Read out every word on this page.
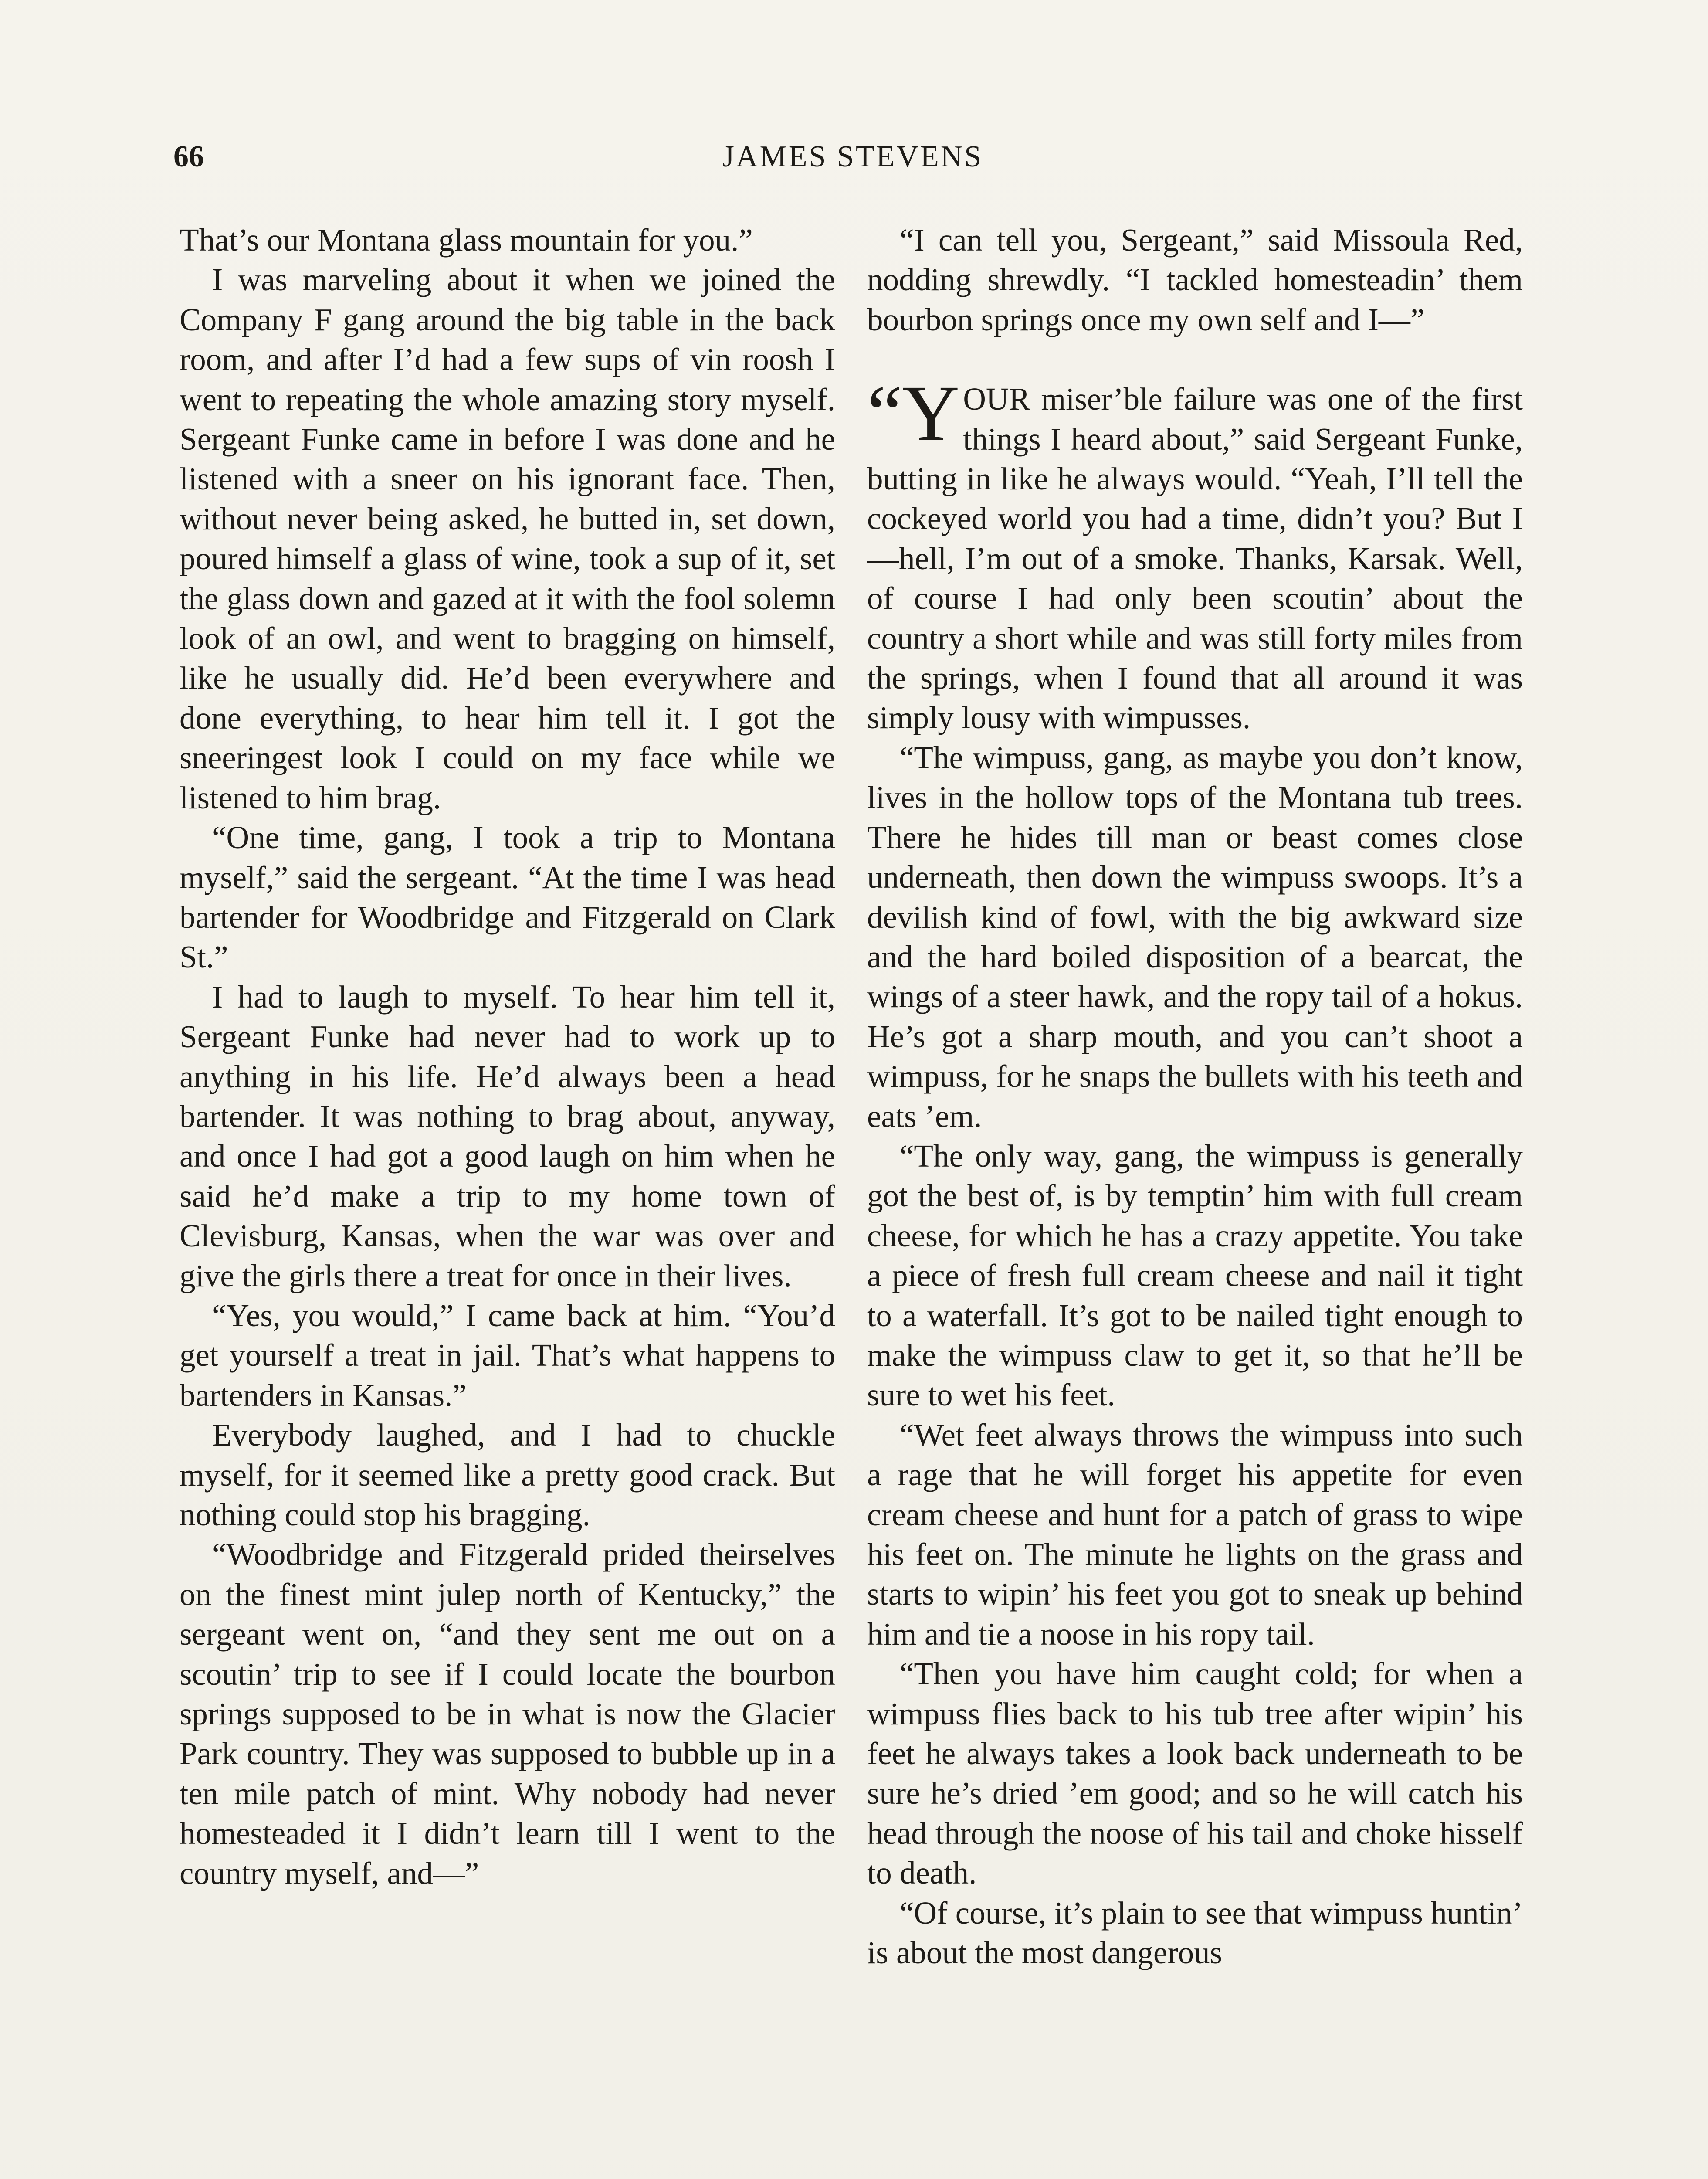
66	JAMES STEVENS

That’s our Montana glass mountain for you.”

I was marveling about it when we joined the Company F gang around the big table in the back room, and after I’d had a few sups of vin roosh I went to repeating the whole amazing story myself. Sergeant Funke came in before I was done and he listened with a sneer on his ignorant face. Then, without never being asked, he butted in, set down, poured himself a glass of wine, took a sup of it, set the glass down and gazed at it with the fool solemn look of an owl, and went to bragging on himself, like he usually did. He’d been everywhere and done everything, to hear him tell it. I got the sneeringest look I could on my face while we listened to him brag.

“One time, gang, I took a trip to Montana myself,” said the sergeant. “At the time I was head bartender for Woodbridge and Fitzgerald on Clark St.”

I had to laugh to myself. To hear him tell it, Sergeant Funke had never had to work up to anything in his life. He’d always been a head bartender. It was nothing to brag about, anyway, and once I had got a good laugh on him when he said he’d make a trip to my home town of Clevisburg, Kansas, when the war was over and give the girls there a treat for once in their lives.

“Yes, you would,” I came back at him. “You’d get yourself a treat in jail. That’s what happens to bartenders in Kansas.”

Everybody laughed, and I had to chuckle myself, for it seemed like a pretty good crack. But nothing could stop his bragging.

“Woodbridge and Fitzgerald prided theirselves on the finest mint julep north of Kentucky,” the sergeant went on, “and they sent me out on a scoutin’ trip to see if I could locate the bourbon springs supposed to be in what is now the Glacier Park country. They was supposed to bubble up in a ten mile patch of mint. Why nobody had never homesteaded it I didn’t learn till I went to the country myself, and—”

“I can tell you, Sergeant,” said Missoula Red, nodding shrewdly. “I tackled homesteadin’ them bourbon springs once my own self and I—”

“Y OUR miser’ble failure was one of the first things I heard about,” said Sergeant Funke, butting in like he always would. “Yeah, I’ll tell the cockeyed world you had a time, didn’t you? But I—hell, I’m out of a smoke. Thanks, Karsak. Well, of course I had only been scoutin’ about the country a short while and was still forty miles from the springs, when I found that all around it was simply lousy with wimpusses.

“The wimpuss, gang, as maybe you don’t know, lives in the hollow tops of the Montana tub trees. There he hides till man or beast comes close underneath, then down the wimpuss swoops. It’s a devilish kind of fowl, with the big awkward size and the hard boiled disposition of a bearcat, the wings of a steer hawk, and the ropy tail of a hokus. He’s got a sharp mouth, and you can’t shoot a wimpuss, for he snaps the bullets with his teeth and eats ’em.

“The only way, gang, the wimpuss is generally got the best of, is by temptin’ him with full cream cheese, for which he has a crazy appetite. You take a piece of fresh full cream cheese and nail it tight to a waterfall. It’s got to be nailed tight enough to make the wimpuss claw to get it, so that he’ll be sure to wet his feet.

“Wet feet always throws the wimpuss into such a rage that he will forget his appetite for even cream cheese and hunt for a patch of grass to wipe his feet on. The minute he lights on the grass and starts to wipin’ his feet you got to sneak up behind him and tie a noose in his ropy tail.

“Then you have him caught cold; for when a wimpuss flies back to his tub tree after wipin’ his feet he always takes a look back underneath to be sure he’s dried ’em good; and so he will catch his head through the noose of his tail and choke hisself to death.

“Of course, it’s plain to see that wimpuss huntin’ is about the most dangerous
